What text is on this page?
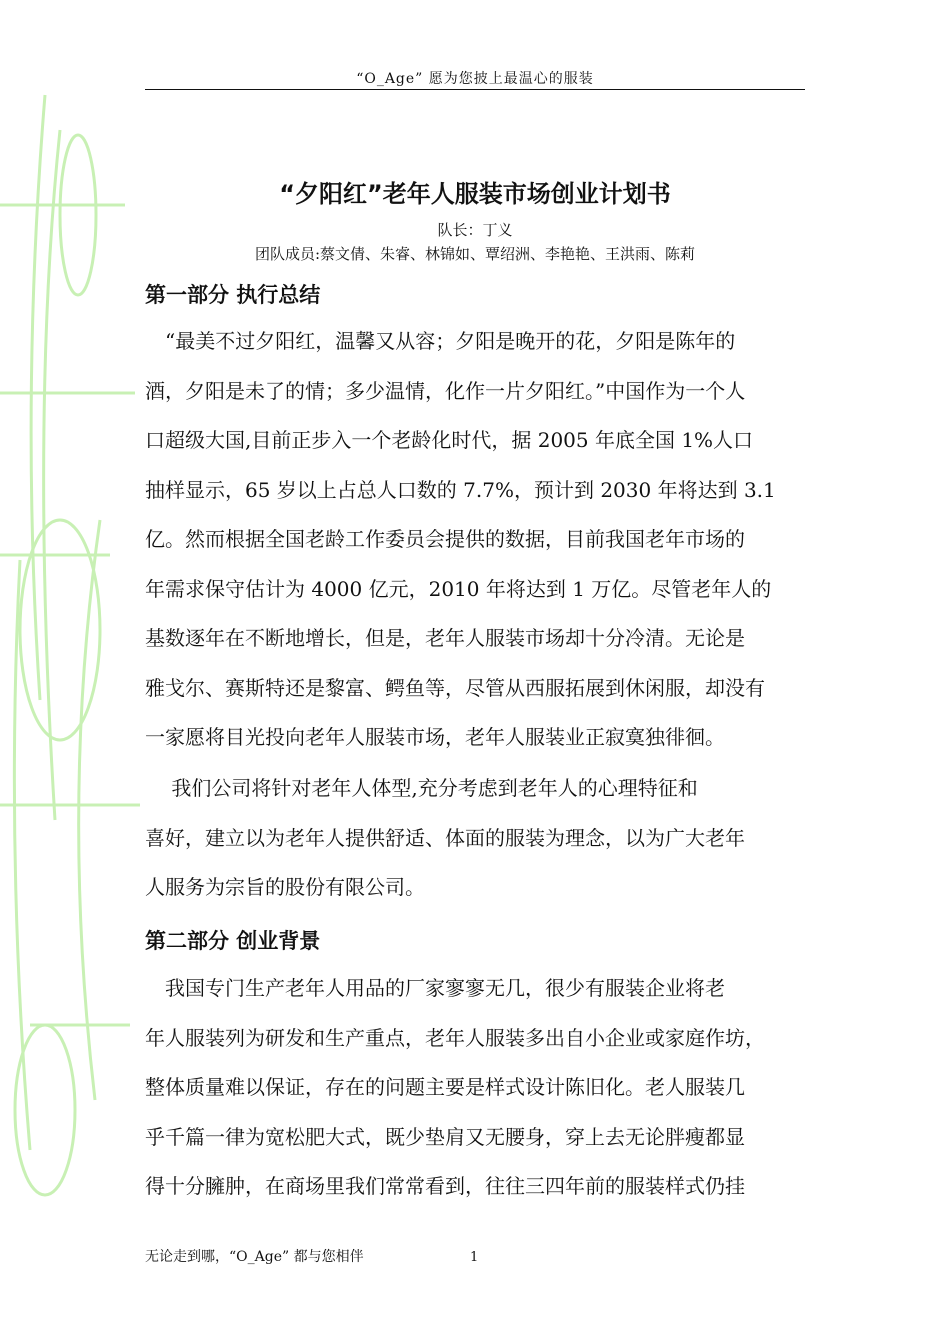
“O_Age” 愿为您披上最温心的服装
“夕阳红”老年人服装市场创业计划书
队长：丁义
团队成员:蔡文倩、朱睿、林锦如、覃绍洲、李艳艳、王洪雨、陈莉
第一部分 执行总结
　“最美不过夕阳红，温馨又从容；夕阳是晚开的花，夕阳是陈年的
酒，夕阳是未了的情；多少温情，化作一片夕阳红。”中国作为一个人
口超级大国,目前正步入一个老龄化时代，据 2005 年底全国 1%人口
抽样显示，65 岁以上占总人口数的 7.7%，预计到 2030 年将达到 3.1
亿。然而根据全国老龄工作委员会提供的数据，目前我国老年市场的
年需求保守估计为 4000 亿元，2010 年将达到 1 万亿。尽管老年人的
基数逐年在不断地增长，但是，老年人服装市场却十分冷清。无论是
雅戈尔、赛斯特还是黎富、鳄鱼等，尽管从西服拓展到休闲服，却没有
一家愿将目光投向老年人服装市场，老年人服装业正寂寞独徘徊。
　 我们公司将针对老年人体型,充分考虑到老年人的心理特征和
喜好，建立以为老年人提供舒适、体面的服装为理念，以为广大老年
人服务为宗旨的股份有限公司。
第二部分 创业背景
　我国专门生产老年人用品的厂家寥寥无几，很少有服装企业将老
年人服装列为研发和生产重点，老年人服装多出自小企业或家庭作坊，
整体质量难以保证，存在的问题主要是样式设计陈旧化。老人服装几
乎千篇一律为宽松肥大式，既少垫肩又无腰身，穿上去无论胖瘦都显
得十分臃肿，在商场里我们常常看到，往往三四年前的服装样式仍挂
无论走到哪，“O_Age” 都与您相伴	1
